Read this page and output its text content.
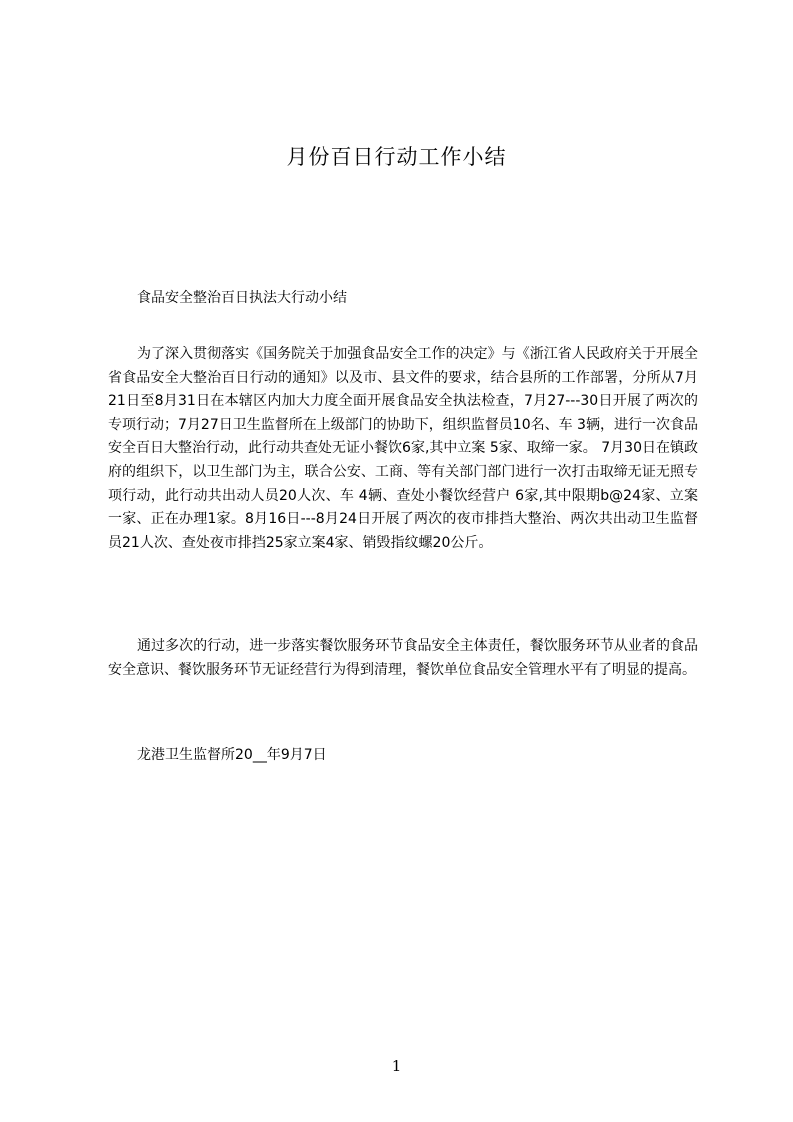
月份百日行动工作小结
食品安全整治百日执法大行动小结

为了深入贯彻落实《国务院关于加强食品安全工作的决定》与《浙江省人民政府关于开展全省食品安全大整治百日行动的通知》以及市、县文件的要求，结合县所的工作部署，分所从7月21日至8月31日在本辖区内加大力度全面开展食品安全执法检查，7月27---30日开展了两次的专项行动；7月27日卫生监督所在上级部门的协助下，组织监督员10名、车 3辆，进行一次食品安全百日大整治行动，此行动共查处无证小餐饮6家,其中立案 5家、取缔一家。 7月30日在镇政府的组织下，以卫生部门为主，联合公安、工商、等有关部门部门进行一次打击取缔无证无照专项行动，此行动共出动人员20人次、车 4辆、查处小餐饮经营户 6家,其中限期b@24家、立案一家、正在办理1家。8月16日---8月24日开展了两次的夜市排挡大整治、两次共出动卫生监督员21人次、查处夜市排挡25家立案4家、销毁指纹螺20公斤。

通过多次的行动，进一步落实餐饮服务环节食品安全主体责任，餐饮服务环节从业者的食品安全意识、餐饮服务环节无证经营行为得到清理，餐饮单位食品安全管理水平有了明显的提高。

龙港卫生监督所20__年9月7日
1
